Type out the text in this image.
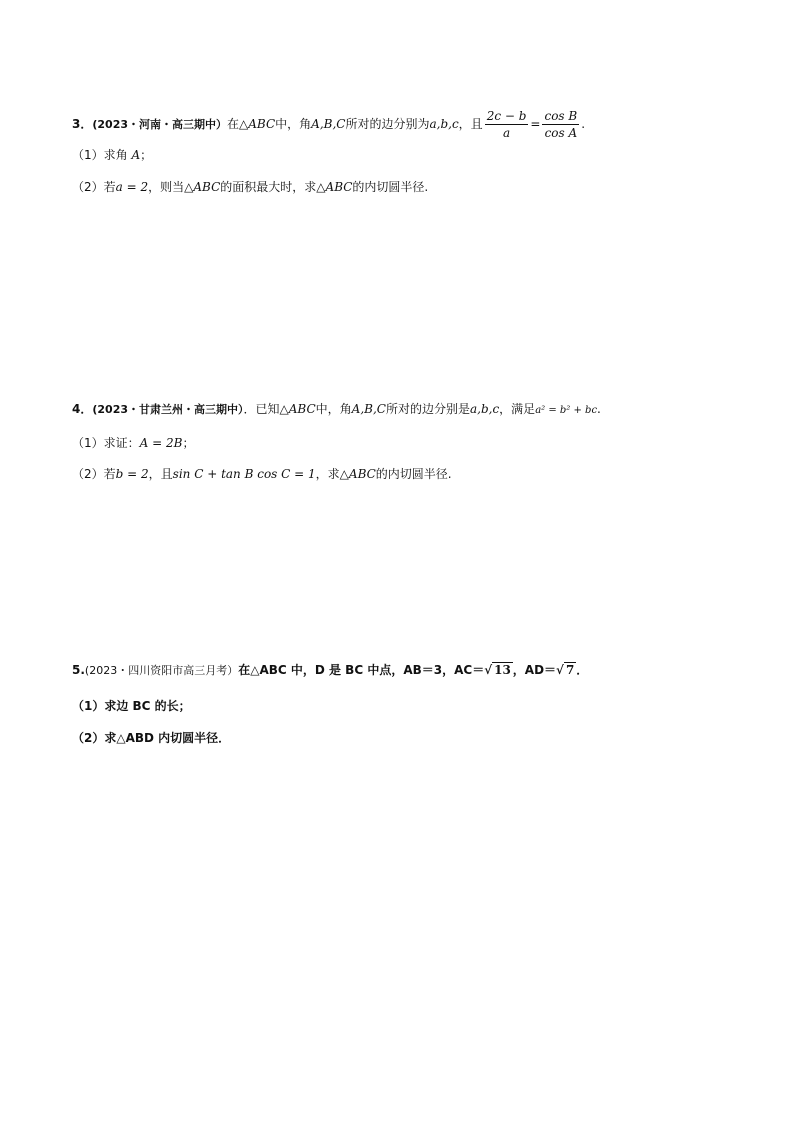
3．(2023・河南・高三期中）在△ABC中，角A,B,C所对的边分别为a,b,c，且 $\frac{2c - b}{a} = \frac{\text{cos B}}{\text{cos A}}$ .
（1）求角 A；
（2）若a = 2，则当△ABC的面积最大时，求△ABC的内切圆半径.
4．(2023・甘肃兰州・高三期中）．已知△ABC中，角A,B,C所对的边分别是a,b,c，满足a² = b² + bc.
（1）求证：A = 2B；
（2）若b = 2，且sin C + tan B cos C = 1，求△ABC的内切圆半径.
5.(2023・四川资阳市高三月考）在△ABC 中，D 是 BC 中点，AB＝3，AC＝√ 13 ，AD＝√ 7 ．
（1）求边 BC 的长；
（2）求△ABD 内切圆半径．
